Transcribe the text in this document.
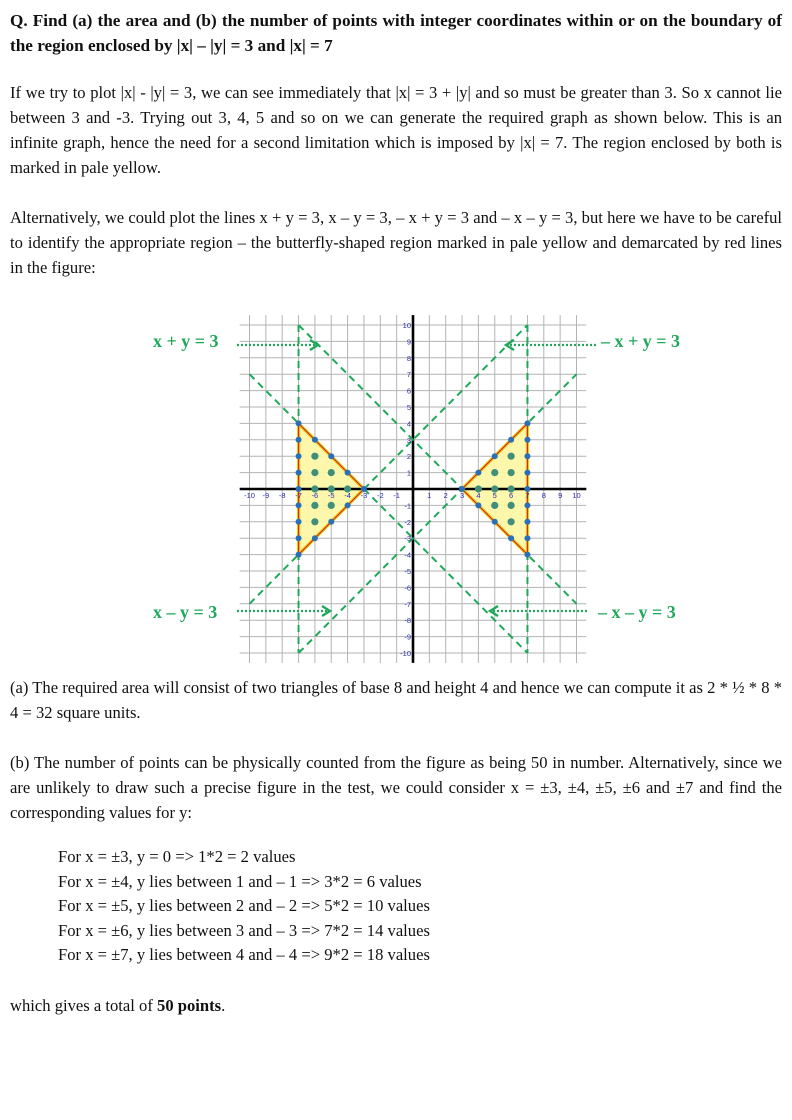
Q. Find (a) the area and (b) the number of points with integer coordinates within or on the boundary of the region enclosed by |x| – |y| = 3 and |x| = 7
If we try to plot |x| - |y| = 3, we can see immediately that |x| = 3 + |y| and so must be greater than 3. So x cannot lie between 3 and -3. Trying out 3, 4, 5 and so on we can generate the required graph as shown below. This is an infinite graph, hence the need for a second limitation which is imposed by |x| = 7. The region enclosed by both is marked in pale yellow.
Alternatively, we could plot the lines x + y = 3, x – y = 3, – x + y = 3 and – x – y = 3, but here we have to be careful to identify the appropriate region – the butterfly-shaped region marked in pale yellow and demarcated by red lines in the figure:
-10 -9 -8 -7 -6 -5 -4 -3 -2 -1	1 2 3 4 5 6 7 8 9 10
10
9
8
7
6
5
4
3
2
1
-1
-2
-3
-4
-5
-6
-7
-8
-9
-10
x + y = 3	– x + y = 3
x – y = 3	– x – y = 3
(a) The required area will consist of two triangles of base 8 and height 4 and hence we can compute it as 2 * ½ * 8 * 4 = 32 square units.
(b) The number of points can be physically counted from the figure as being 50 in number. Alternatively, since we are unlikely to draw such a precise figure in the test, we could consider x = ±3, ±4, ±5, ±6 and ±7 and find the corresponding values for y:
For x = ±3, y = 0 => 1*2 = 2 values
For x = ±4, y lies between 1 and – 1 => 3*2 = 6 values
For x = ±5, y lies between 2 and – 2 => 5*2 = 10 values
For x = ±6, y lies between 3 and – 3 => 7*2 = 14 values
For x = ±7, y lies between 4 and – 4 => 9*2 = 18 values
which gives a total of 50 points.
